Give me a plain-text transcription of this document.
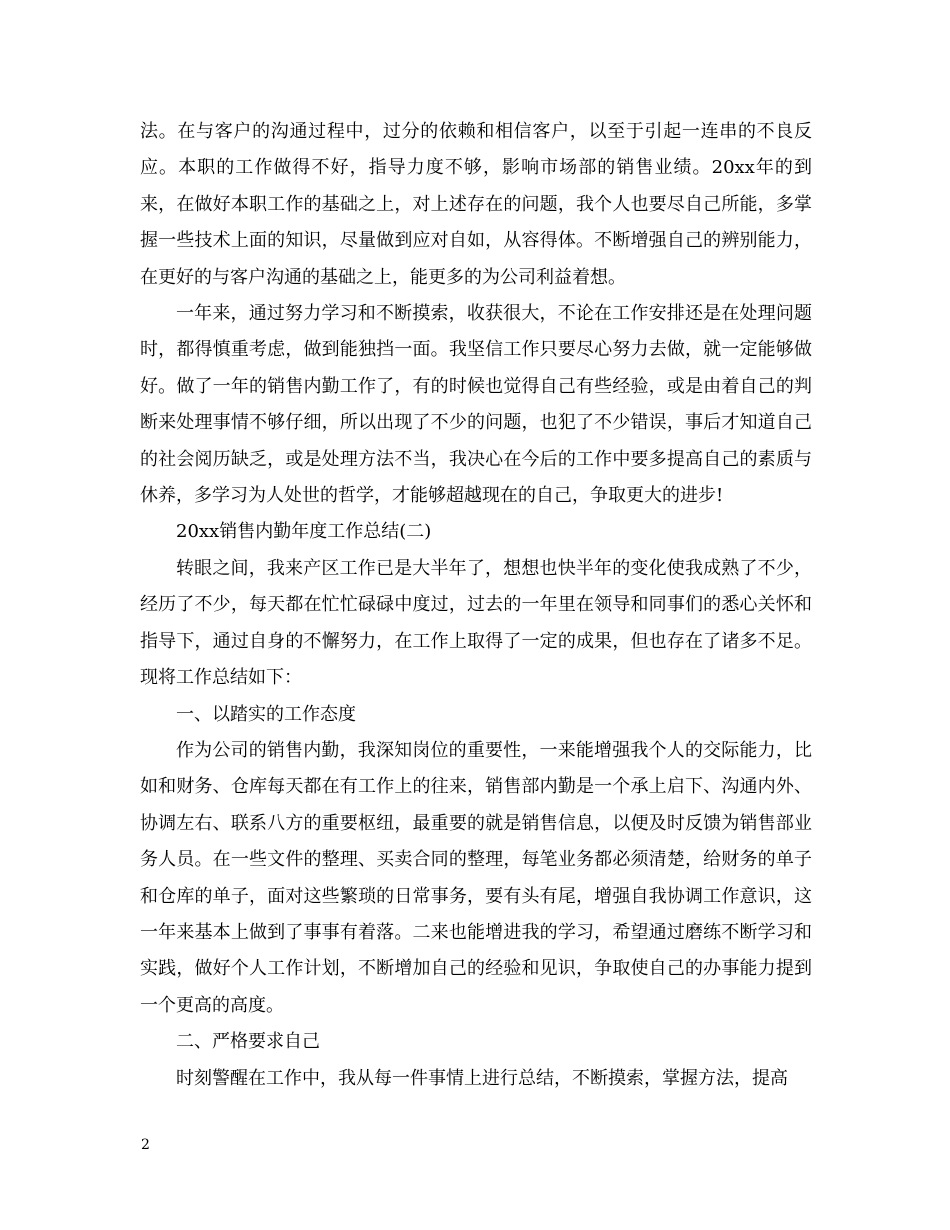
法。在与客户的沟通过程中，过分的依赖和相信客户，以至于引起一连串的不良反应。本职的工作做得不好，指导力度不够，影响市场部的销售业绩。20xx年的到来，在做好本职工作的基础之上，对上述存在的问题，我个人也要尽自己所能，多掌握一些技术上面的知识，尽量做到应对自如，从容得体。不断增强自己的辨别能力，在更好的与客户沟通的基础之上，能更多的为公司利益着想。

一年来，通过努力学习和不断摸索，收获很大，不论在工作安排还是在处理问题时，都得慎重考虑，做到能独挡一面。我坚信工作只要尽心努力去做，就一定能够做好。做了一年的销售内勤工作了，有的时候也觉得自己有些经验，或是由着自己的判断来处理事情不够仔细，所以出现了不少的问题，也犯了不少错误，事后才知道自己的社会阅历缺乏，或是处理方法不当，我决心在今后的工作中要多提高自己的素质与休养，多学习为人处世的哲学，才能够超越现在的自己，争取更大的进步!

20xx销售内勤年度工作总结(二)

转眼之间，我来产区工作已是大半年了，想想也快半年的变化使我成熟了不少，经历了不少，每天都在忙忙碌碌中度过，过去的一年里在领导和同事们的悉心关怀和指导下，通过自身的不懈努力，在工作上取得了一定的成果，但也存在了诸多不足。现将工作总结如下：

一、以踏实的工作态度

作为公司的销售内勤，我深知岗位的重要性，一来能增强我个人的交际能力，比如和财务、仓库每天都在有工作上的往来，销售部内勤是一个承上启下、沟通内外、协调左右、联系八方的重要枢纽，最重要的就是销售信息，以便及时反馈为销售部业务人员。在一些文件的整理、买卖合同的整理，每笔业务都必须清楚，给财务的单子和仓库的单子，面对这些繁琐的日常事务，要有头有尾，增强自我协调工作意识，这一年来基本上做到了事事有着落。二来也能增进我的学习，希望通过磨练不断学习和实践，做好个人工作计划，不断增加自己的经验和见识，争取使自己的办事能力提到一个更高的高度。

二、严格要求自己

时刻警醒在工作中，我从每一件事情上进行总结，不断摸索，掌握方法，提高

2
